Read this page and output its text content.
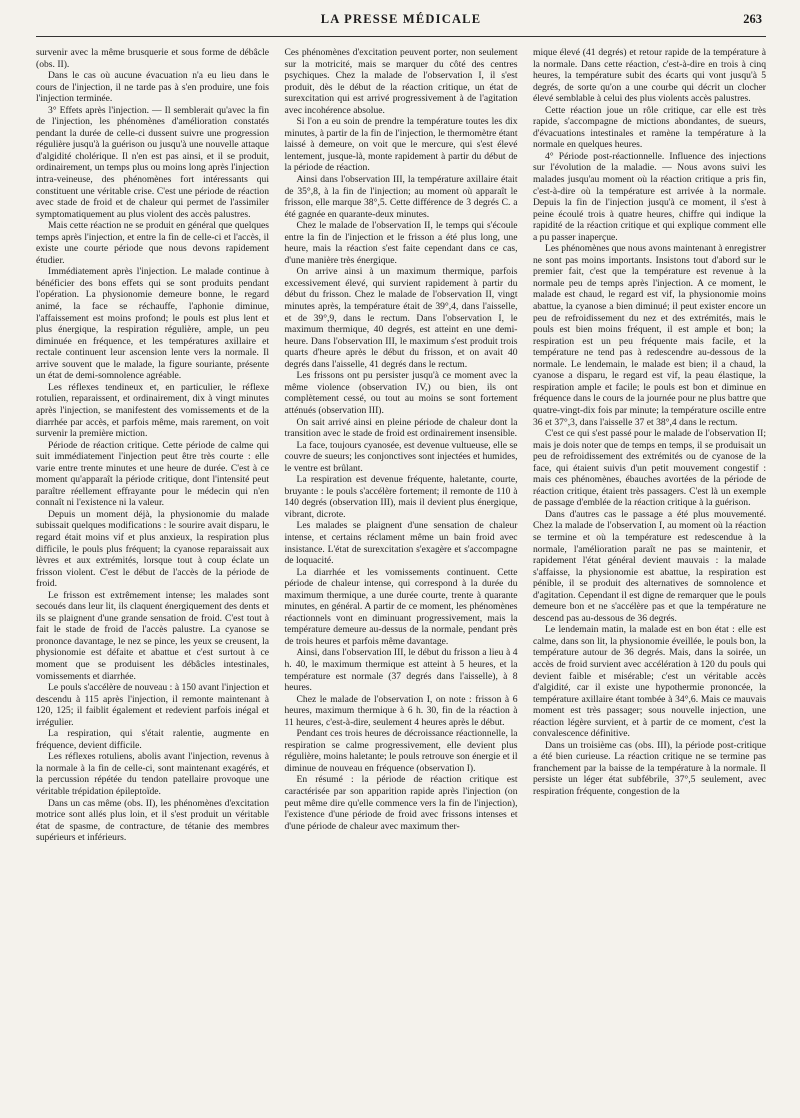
LA PRESSE MÉDICALE	263

survenir avec la même brusquerie et sous forme de débâcle (obs. II).

Dans le cas où aucune évacuation n'a eu lieu dans le cours de l'injection, il ne tarde pas à s'en produire, une fois l'injection terminée.

3° Effets après l'injection. — Il semblerait qu'avec la fin de l'injection, les phénomènes d'amélioration constatés pendant la durée de celle-ci dussent suivre une progression régulière jusqu'à la guérison ou jusqu'à une nouvelle attaque d'algidité cholérique. Il n'en est pas ainsi, et il se produit, ordinairement, un temps plus ou moins long après l'injection intra-veineuse, des phénomènes fort intéressants qui constituent une véritable crise. C'est une période de réaction avec stade de froid et de chaleur qui permet de l'assimiler symptomatiquement au plus violent des accès palustres.

Mais cette réaction ne se produit en général que quelques temps après l'injection, et entre la fin de celle-ci et l'accès, il existe une courte période que nous devons rapidement étudier.

Immédiatement après l'injection. Le malade continue à bénéficier des bons effets qui se sont produits pendant l'opération. La physionomie demeure bonne, le regard animé, la face se réchauffe, l'aphonie diminue, l'affaissement est moins profond; le pouls est plus lent et plus énergique, la respiration régulière, ample, un peu diminuée en fréquence, et les températures axillaire et rectale continuent leur ascension lente vers la normale. Il arrive souvent que le malade, la figure souriante, présente un état de demi-somnolence agréable.

Les réflexes tendineux et, en particulier, le réflexe rotulien, reparaissent, et ordinairement, dix à vingt minutes après l'injection, se manifestent des vomissements et de la diarrhée par accès, et parfois même, mais rarement, on voit survenir la première miction.

Période de réaction critique. Cette période de calme qui suit immédiatement l'injection peut être très courte : elle varie entre trente minutes et une heure de durée. C'est à ce moment qu'apparaît la période critique, dont l'intensité peut paraître réellement effrayante pour le médecin qui n'en connaît ni l'existence ni la valeur.

Depuis un moment déjà, la physionomie du malade subissait quelques modifications : le sourire avait disparu, le regard était moins vif et plus anxieux, la respiration plus difficile, le pouls plus fréquent; la cyanose reparaissait aux lèvres et aux extrémités, lorsque tout à coup éclate un frisson violent. C'est le début de l'accès de la période de froid.

Le frisson est extrêmement intense; les malades sont secoués dans leur lit, ils claquent énergiquement des dents et ils se plaignent d'une grande sensation de froid. C'est tout à fait le stade de froid de l'accès palustre. La cyanose se prononce davantage, le nez se pince, les yeux se creusent, la physionomie est défaite et abattue et c'est surtout à ce moment que se produisent les débâcles intestinales, vomissements et diarrhée.

Le pouls s'accélère de nouveau : à 150 avant l'injection et descendu à 115 après l'injection, il remonte maintenant à 120, 125; il faiblit également et redevient parfois inégal et irrégulier.

La respiration, qui s'était ralentie, augmente en fréquence, devient difficile.

Les réflexes rotuliens, abolis avant l'injection, revenus à la normale à la fin de celle-ci, sont maintenant exagérés, et la percussion répétée du tendon patellaire provoque une véritable trépidation épileptoïde.

Dans un cas même (obs. II), les phénomènes d'excitation motrice sont allés plus loin, et il s'est produit un véritable état de spasme, de contracture, de tétanie des membres supérieurs et inférieurs.

Ces phénomènes d'excitation peuvent porter, non seulement sur la motricité, mais se marquer du côté des centres psychiques. Chez la malade de l'observation I, il s'est produit, dès le début de la réaction critique, un état de surexcitation qui est arrivé progressivement à de l'agitation avec incohérence absolue.

Si l'on a eu soin de prendre la température toutes les dix minutes, à partir de la fin de l'injection, le thermomètre étant laissé à demeure, on voit que le mercure, qui s'est élevé lentement, jusque-là, monte rapidement à partir du début de la période de réaction.

Ainsi dans l'observation III, la température axillaire était de 35°,8, à la fin de l'injection; au moment où apparaît le frisson, elle marque 38°,5. Cette différence de 3 degrés C. a été gagnée en quarante-deux minutes.

Chez le malade de l'observation II, le temps qui s'écoule entre la fin de l'injection et le frisson a été plus long, une heure, mais la réaction s'est faite cependant dans ce cas, d'une manière très énergique.

On arrive ainsi à un maximum thermique, parfois excessivement élevé, qui survient rapidement à partir du début du frisson. Chez le malade de l'observation II, vingt minutes après, la température était de 39°,4, dans l'aisselle, et de 39°,9, dans le rectum. Dans l'observation I, le maximum thermique, 40 degrés, est atteint en une demi-heure. Dans l'observation III, le maximum s'est produit trois quarts d'heure après le début du frisson, et on avait 40 degrés dans l'aisselle, 41 degrés dans le rectum.

Les frissons ont pu persister jusqu'à ce moment avec la même violence (observation IV,) ou bien, ils ont complètement cessé, ou tout au moins se sont fortement atténués (observation III).

On sait arrivé ainsi en pleine période de chaleur dont la transition avec le stade de froid est ordinairement insensible.

La face, toujours cyanosée, est devenue vultueuse, elle se couvre de sueurs; les conjonctives sont injectées et humides, le ventre est brûlant.

La respiration est devenue fréquente, haletante, courte, bruyante : le pouls s'accélère fortement; il remonte de 110 à 140 degrés (observation III), mais il devient plus énergique, vibrant, dicrote.

Les malades se plaignent d'une sensation de chaleur intense, et certains réclament même un bain froid avec insistance. L'état de surexcitation s'exagère et s'accompagne de loquacité.

La diarrhée et les vomissements continuent. Cette période de chaleur intense, qui correspond à la durée du maximum thermique, a une durée courte, trente à quarante minutes, en général. A partir de ce moment, les phénomènes réactionnels vont en diminuant progressivement, mais la température demeure au-dessus de la normale, pendant près de trois heures et parfois même davantage.

Ainsi, dans l'observation III, le début du frisson a lieu à 4 h. 40, le maximum thermique est atteint à 5 heures, et la température est normale (37 degrés dans l'aisselle), à 8 heures.

Chez le malade de l'observation I, on note : frisson à 6 heures, maximum thermique à 6 h. 30, fin de la réaction à 11 heures, c'est-à-dire, seulement 4 heures après le début.

Pendant ces trois heures de décroissance réactionnelle, la respiration se calme progressivement, elle devient plus régulière, moins haletante; le pouls retrouve son énergie et il diminue de nouveau en fréquence (observation I).

En résumé : la période de réaction critique est caractérisée par son apparition rapide après l'injection (on peut même dire qu'elle commence vers la fin de l'injection), l'existence d'une période de froid avec frissons intenses et d'une période de chaleur avec maximum ther-

mique élevé (41 degrés) et retour rapide de la température à la normale. Dans cette réaction, c'est-à-dire en trois à cinq heures, la température subit des écarts qui vont jusqu'à 5 degrés, de sorte qu'on a une courbe qui décrit un clocher élevé semblable à celui des plus violents accès palustres.

Cette réaction joue un rôle critique, car elle est très rapide, s'accompagne de mictions abondantes, de sueurs, d'évacuations intestinales et ramène la température à la normale en quelques heures.

4° Période post-réactionnelle. Influence des injections sur l'évolution de la maladie. — Nous avons suivi les malades jusqu'au moment où la réaction critique a pris fin, c'est-à-dire où la température est arrivée à la normale. Depuis la fin de l'injection jusqu'à ce moment, il s'est à peine écoulé trois à quatre heures, chiffre qui indique la rapidité de la réaction critique et qui explique comment elle a pu passer inaperçue.

Les phénomènes que nous avons maintenant à enregistrer ne sont pas moins importants. Insistons tout d'abord sur le premier fait, c'est que la température est revenue à la normale peu de temps après l'injection. A ce moment, le malade est chaud, le regard est vif, la physionomie moins abattue, la cyanose a bien diminué; il peut exister encore un peu de refroidissement du nez et des extrémités, mais le pouls est bien moins fréquent, il est ample et bon; la respiration est un peu fréquente mais facile, et la température ne tend pas à redescendre au-dessous de la normale. Le lendemain, le malade est bien; il a chaud, la cyanose a disparu, le regard est vif, la peau élastique, la respiration ample et facile; le pouls est bon et diminue en fréquence dans le cours de la journée pour ne plus battre que quatre-vingt-dix fois par minute; la température oscille entre 36 et 37°,3, dans l'aisselle 37 et 38°,4 dans le rectum.

C'est ce qui s'est passé pour le malade de l'observation II; mais je dois noter que de temps en temps, il se produisait un peu de refroidissement des extrémités ou de cyanose de la face, qui étaient suivis d'un petit mouvement congestif : mais ces phénomènes, ébauches avortées de la période de réaction critique, étaient très passagers. C'est là un exemple de passage d'emblée de la réaction critique à la guérison.

Dans d'autres cas le passage a été plus mouvementé. Chez la malade de l'observation I, au moment où la réaction se termine et où la température est redescendue à la normale, l'amélioration paraît ne pas se maintenir, et rapidement l'état général devient mauvais : la malade s'affaisse, la physionomie est abattue, la respiration est pénible, il se produit des alternatives de somnolence et d'agitation. Cependant il est digne de remarquer que le pouls demeure bon et ne s'accélère pas et que la température ne descend pas au-dessous de 36 degrés.

Le lendemain matin, la malade est en bon état : elle est calme, dans son lit, la physionomie éveillée, le pouls bon, la température autour de 36 degrés. Mais, dans la soirée, un accès de froid survient avec accélération à 120 du pouls qui devient faible et misérable; c'est un véritable accès d'algidité, car il existe une hypothermie prononcée, la température axillaire étant tombée à 34°,6. Mais ce mauvais moment est très passager; sous nouvelle injection, une réaction légère survient, et à partir de ce moment, c'est la convalescence définitive.

Dans un troisième cas (obs. III), la période post-critique a été bien curieuse. La réaction critique ne se termine pas franchement par la baisse de la température à la normale. Il persiste un léger état subfébrile, 37°,5 seulement, avec respiration fréquente, congestion de la
